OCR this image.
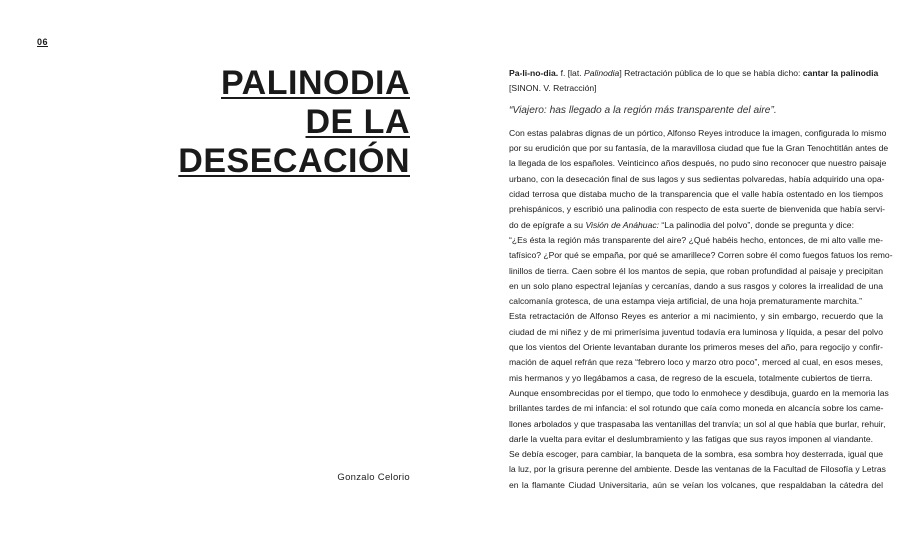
06
PALINODIA
DE LA
DESECACIÓN
Gonzalo Celorio

Pa-li-no-dia. f. [lat. Palinodia] Retractación pública de lo que se había dicho: cantar la palinodia
[SINON. V. Retracción]

“Viajero: has llegado a la región más transparente del aire”.

Con estas palabras dignas de un pórtico, Alfonso Reyes introduce la imagen, configurada lo mismo
por su erudición que por su fantasía, de la maravillosa ciudad que fue la Gran Tenochtitlán antes de
la llegada de los españoles. Veinticinco años después, no pudo sino reconocer que nuestro paisaje
urbano, con la desecación final de sus lagos y sus sedientas polvaredas, había adquirido una opa-
cidad terrosa que distaba mucho de la transparencia que el valle había ostentado en los tiempos
prehispánicos, y escribió una palinodia con respecto de esta suerte de bienvenida que había servi-
do de epígrafe a su Visión de Anáhuac: “La palinodia del polvo”, donde se pregunta y dice:
“¿Es ésta la región más transparente del aire? ¿Qué habéis hecho, entonces, de mi alto valle me-
tafísico? ¿Por qué se empaña, por qué se amarillece? Corren sobre él como fuegos fatuos los remo-
linillos de tierra. Caen sobre él los mantos de sepia, que roban profundidad al paisaje y precipitan
en un solo plano espectral lejanías y cercanías, dando a sus rasgos y colores la irrealidad de una
calcomanía grotesca, de una estampa vieja artificial, de una hoja prematuramente marchita.”
Esta retractación de Alfonso Reyes es anterior a mi nacimiento, y sin embargo, recuerdo que la
ciudad de mi niñez y de mi primerísima juventud todavía era luminosa y líquida, a pesar del polvo
que los vientos del Oriente levantaban durante los primeros meses del año, para regocijo y confir-
mación de aquel refrán que reza “febrero loco y marzo otro poco”, merced al cual, en esos meses,
mis hermanos y yo llegábamos a casa, de regreso de la escuela, totalmente cubiertos de tierra.
Aunque ensombrecidas por el tiempo, que todo lo enmohece y desdibuja, guardo en la memoria las
brillantes tardes de mi infancia: el sol rotundo que caía como moneda en alcancía sobre los came-
llones arbolados y que traspasaba las ventanillas del tranvía; un sol al que había que burlar, rehuir,
darle la vuelta para evitar el deslumbramiento y las fatigas que sus rayos imponen al viandante.
Se debía escoger, para cambiar, la banqueta de la sombra, esa sombra hoy desterrada, igual que
la luz, por la grisura perenne del ambiente. Desde las ventanas de la Facultad de Filosofía y Letras
en la flamante Ciudad Universitaria, aún se veían los volcanes, que respaldaban la cátedra del
